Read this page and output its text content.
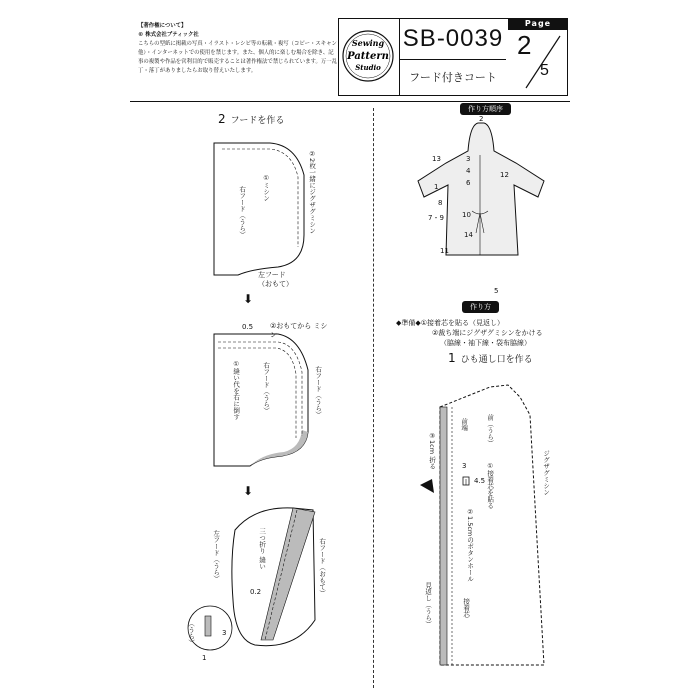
【著作権について】
© 株式会社ブティック社
こちらの型紙に掲載の写真・イラスト・レシピ等の転載・複写（コピー・スキャン他）・インターネットでの使用を禁じます。また、個人的に楽しむ場合を除き、記事の複製や作品を営利目的で販売することは著作権法で禁じられています。万一乱丁・落丁がありましたらお取り替えいたします。
Sewing
Pattern
Studio
SB-0039
フード付きコート
Page
2
5
2 フードを作る
②2枚一緒にジグザグミシン
①ミシン
右フード（うら）
左フード（おもて）
⬇
0.5 ②おもてから ミシン
①縫い代を右に倒す	右フード（うら）	右フード（うら）
⬇
左フード（うら）	三つ折り 縫い	右フード（おもて）
0.2
（うら）	3
1
作り方順序
2
13	3
4
6
12
1
8
10
7・9
14
5
11
作り方
◆準備◆①接着芯を貼る（見返し）
②裁ち端にジグザグミシンをかける
（脇線・袖下線・袋布脇線）
1 ひも通し口を作る
前（うら）
前端
③1cm 折る	ジグザグミシン
①接着芯を貼る
②1.5cmのボタンホール
3
4.5
見返し（うら）	接着芯
